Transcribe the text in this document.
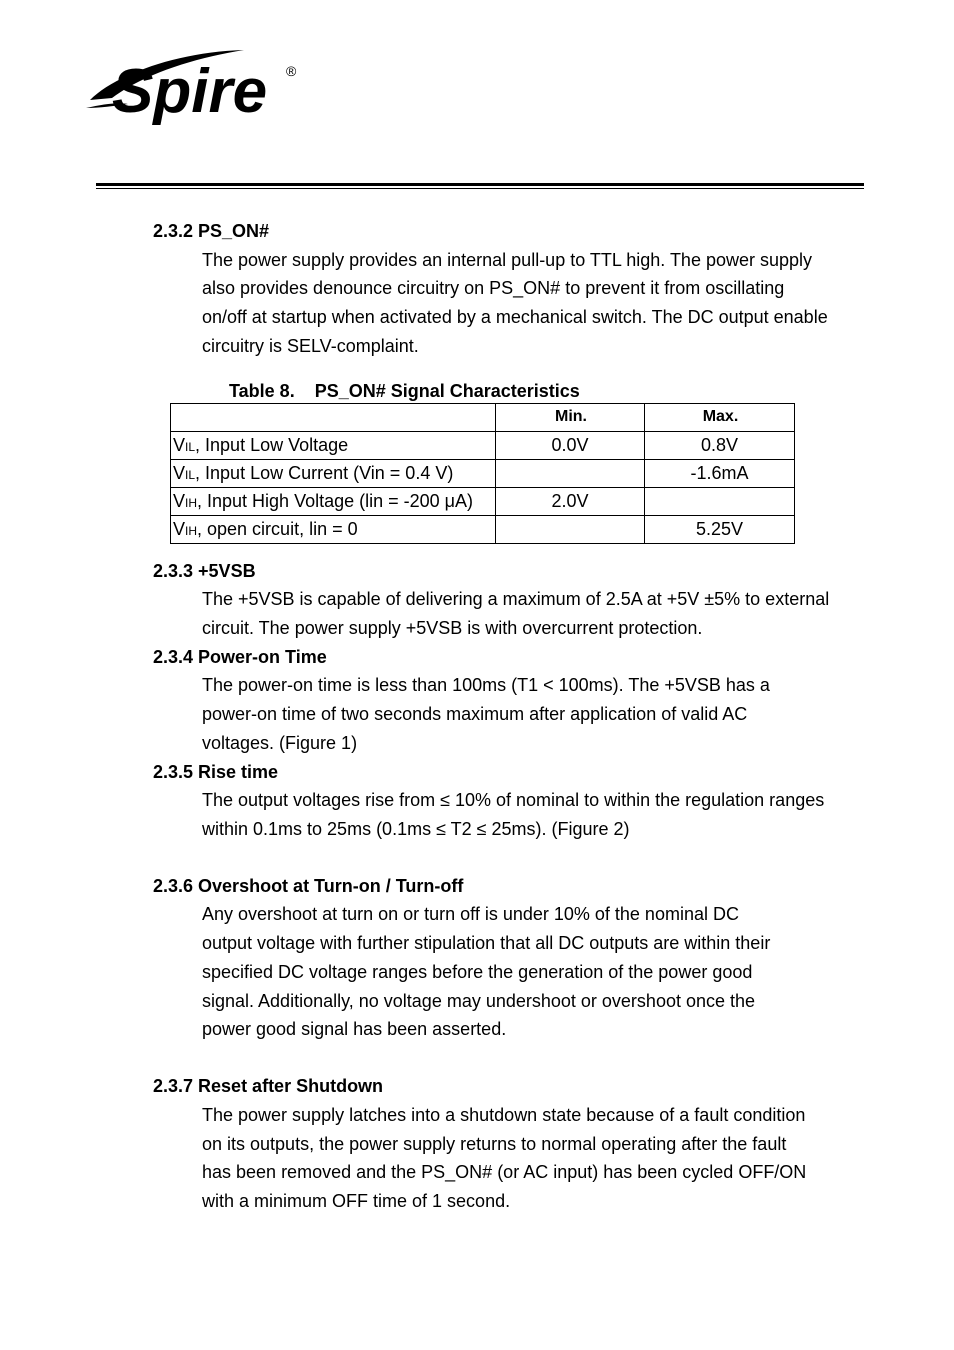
Spire ®

2.3.2 PS_ON#

The power supply provides an internal pull-up to TTL high. The power supply

also provides denounce circuitry on PS_ON# to prevent it from oscillating

on/off at startup when activated by a mechanical switch. The DC output enable

circuitry is SELV-complaint.

Table 8.    PS_ON# Signal Characteristics

	Min.	Max.
VIL, Input Low Voltage	0.0V	0.8V
VIL, Input Low Current (Vin = 0.4 V)		-1.6mA
VIH, Input High Voltage (lin = -200 μA)	2.0V	
VIH, open circuit, lin = 0		5.25V

2.3.3 +5VSB

The +5VSB is capable of delivering a maximum of 2.5A at +5V ±5% to external

circuit. The power supply +5VSB is with overcurrent protection.

2.3.4 Power-on Time

The power-on time is less than 100ms (T1 < 100ms). The +5VSB has a

power-on time of two seconds maximum after application of valid AC

voltages. (Figure 1)

2.3.5 Rise time

The output voltages rise from ≤ 10% of nominal to within the regulation ranges

within 0.1ms to 25ms (0.1ms ≤ T2 ≤ 25ms). (Figure 2)

2.3.6 Overshoot at Turn-on / Turn-off

Any overshoot at turn on or turn off is under 10% of the nominal DC

output voltage with further stipulation that all DC outputs are within their

specified DC voltage ranges before the generation of the power good

signal. Additionally, no voltage may undershoot or overshoot once the

power good signal has been asserted.

2.3.7 Reset after Shutdown

The power supply latches into a shutdown state because of a fault condition

on its outputs, the power supply returns to normal operating after the fault

has been removed and the PS_ON# (or AC input) has been cycled OFF/ON

with a minimum OFF time of 1 second.
